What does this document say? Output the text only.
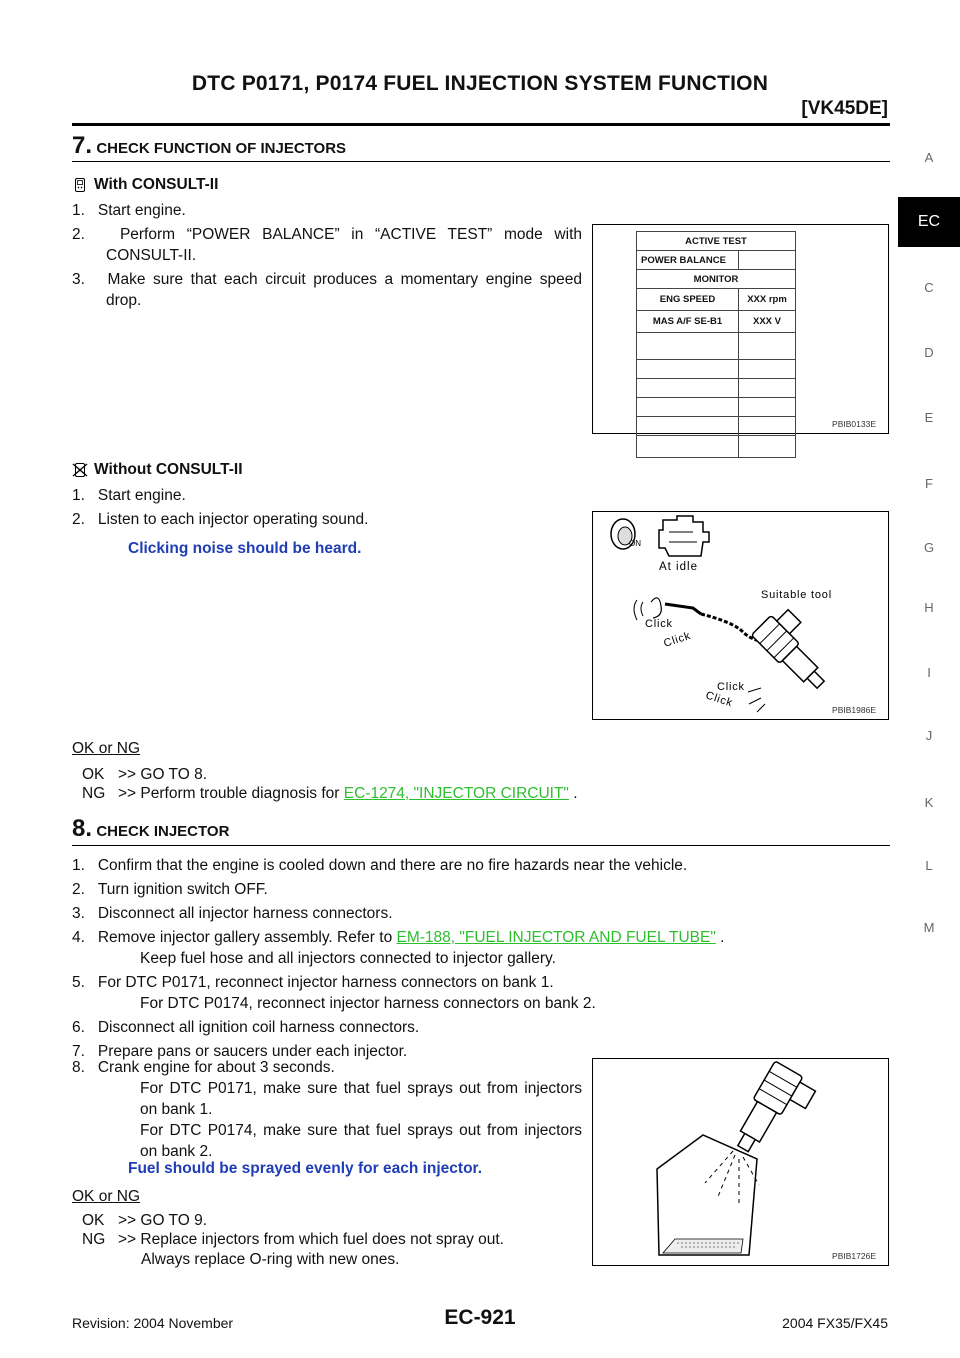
DTC P0171, P0174 FUEL INJECTION SYSTEM FUNCTION
[VK45DE]
A
EC
C
D
E
F
G
H
I
J
K
L
M
7. CHECK FUNCTION OF INJECTORS
With CONSULT-II
1. Start engine.
2. Perform “POWER BALANCE” in “ACTIVE TEST” mode with CONSULT-II.
3. Make sure that each circuit produces a momentary engine speed drop.
ACTIVE TEST	
POWER BALANCE	
MONITOR	
ENG SPEED	XXX rpm
MAS A/F SE-B1	XXX V

PBIB0133E
Without CONSULT-II
1. Start engine.
2. Listen to each injector operating sound.
Clicking noise should be heard.	ON
At idle
Suitable tool
Click
Click
Click
Click
PBIB1986E
OK or NG
OK >> GO TO 8.
NG >> Perform trouble diagnosis for EC-1274, "INJECTOR CIRCUIT" .
8. CHECK INJECTOR
1. Confirm that the engine is cooled down and there are no fire hazards near the vehicle.
2. Turn ignition switch OFF.
3. Disconnect all injector harness connectors.
4. Remove injector gallery assembly. Refer to EM-188, "FUEL INJECTOR AND FUEL TUBE" .
Keep fuel hose and all injectors connected to injector gallery.
5. For DTC P0171, reconnect injector harness connectors on bank 1.
For DTC P0174, reconnect injector harness connectors on bank 2.
6. Disconnect all ignition coil harness connectors.
7. Prepare pans or saucers under each injector.
8. Crank engine for about 3 seconds.
For DTC P0171, make sure that fuel sprays out from injectors on bank 1.
For DTC P0174, make sure that fuel sprays out from injectors on bank 2.
Fuel should be sprayed evenly for each injector.
PBIB1726E
OK or NG
OK >> GO TO 9.
NG >>
Replace injectors from which fuel does not spray out.
Always replace O-ring with new ones.
Revision: 2004 November	EC-921	2004 FX35/FX45
